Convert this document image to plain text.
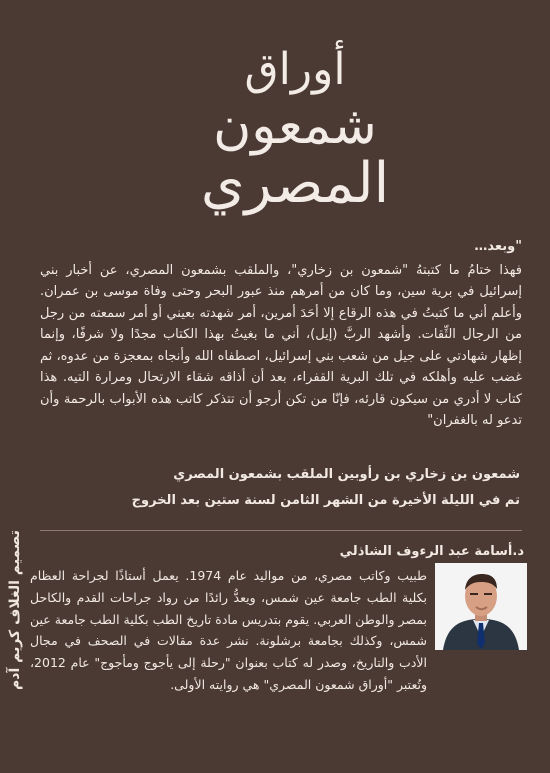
أوراق
شمعون
المصري

"وبعد…

فهذا ختامُ ما كتبتهُ "شمعون بن زخاري"، والملقب بشمعون المصري، عن أخبار بني إسرائيل في برية سين، وما كان من أمرهم منذ عبور البحر وحتى وفاة موسى بن عمران. وأعلم أني ما كتبتُ في هذه الرقاع إلا أحَدَ أمرين، أمر شهدته بعيني أو أمر سمعته من رجل من الرجال الثِّقات. وأشهد الربَّ (إيل)، أني ما بغيتُ بهذا الكتاب مجدًا ولا شرفًا، وإنما إظهار شهادتي على جيل من شعب بني إسرائيل، اصطفاه الله وأنجاه بمعجزة من عدوه، ثم غضب عليه وأهلكه في تلك البرية القفراء، بعد أن أذاقه شقاء الارتحال ومرارة التيه. هذا كتاب لا أدري من سيكون قارئه، فإنّا من تكن أرجو أن تتذكر كاتب هذه الأبواب بالرحمة وأن تدعو له بالغفران"

شمعون بن زخاري بن رأوبين الملقب بشمعون المصري
تم في الليلة الأخيرة من الشهر الثامن لسنة ستين بعد الخروج
د.أسامة عبد الرءوف الشاذلي

طبيب وكاتب مصري، من مواليد عام 1974. يعمل أستاذًا لجراحة العظام بكلية الطب جامعة عين شمس، ويعدُّ رائدًا من رواد جراحات القدم والكاحل بمصر والوطن العربي. يقوم بتدريس مادة تاريخ الطب بكلية الطب جامعة عين شمس، وكذلك بجامعة برشلونة. نشر عدة مقالات في الصحف في مجال الأدب والتاريخ، وصدر له كتاب بعنوان "رحلة إلى يأجوج ومأجوج" عام 2012، وتُعتبر "أوراق شمعون المصري" هي روايته الأولى.

تصميم الغلاف كريم آدم
